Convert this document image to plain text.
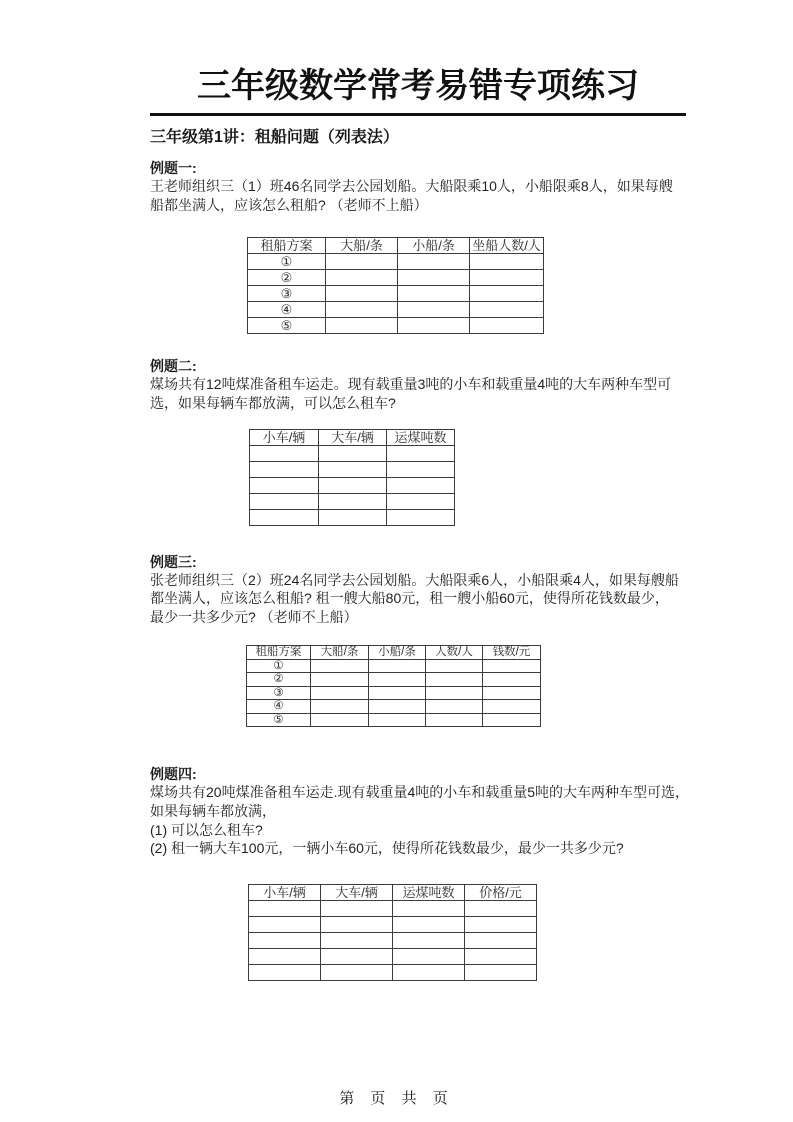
三年级数学常考易错专项练习
三年级第1讲：租船问题（列表法）
例题一:
王老师组织三（1）班46名同学去公园划船。大船限乘10人，小船限乘8人，如果每艘
船都坐满人，应该怎么租船? （老师不上船）
租船方案	大船/条	小船/条	坐船人数/人
①			
②			
③			
④			
⑤			
例题二:
煤场共有12吨煤准备租车运走。现有载重量3吨的小车和载重量4吨的大车两种车型可
选，如果每辆车都放满，可以怎么租车?
小车/辆	大车/辆	运煤吨数

例题三:
张老师组织三（2）班24名同学去公园划船。大船限乘6人，小船限乘4人，如果每艘船
都坐满人，应该怎么租船? 租一艘大船80元，租一艘小船60元，使得所花钱数最少，
最少一共多少元? （老师不上船）
租船方案	大船/条	小船/条	人数/人	钱数/元
①				
②				
③				
④				
⑤				
例题四:
煤场共有20吨煤准备租车运走.现有载重量4吨的小车和载重量5吨的大车两种车型可选，
如果每辆车都放满，
(1) 可以怎么租车?
(2) 租一辆大车100元，一辆小车60元，使得所花钱数最少，最少一共多少元?
小车/辆	大车/辆	运煤吨数	价格/元

第 页 共 页
